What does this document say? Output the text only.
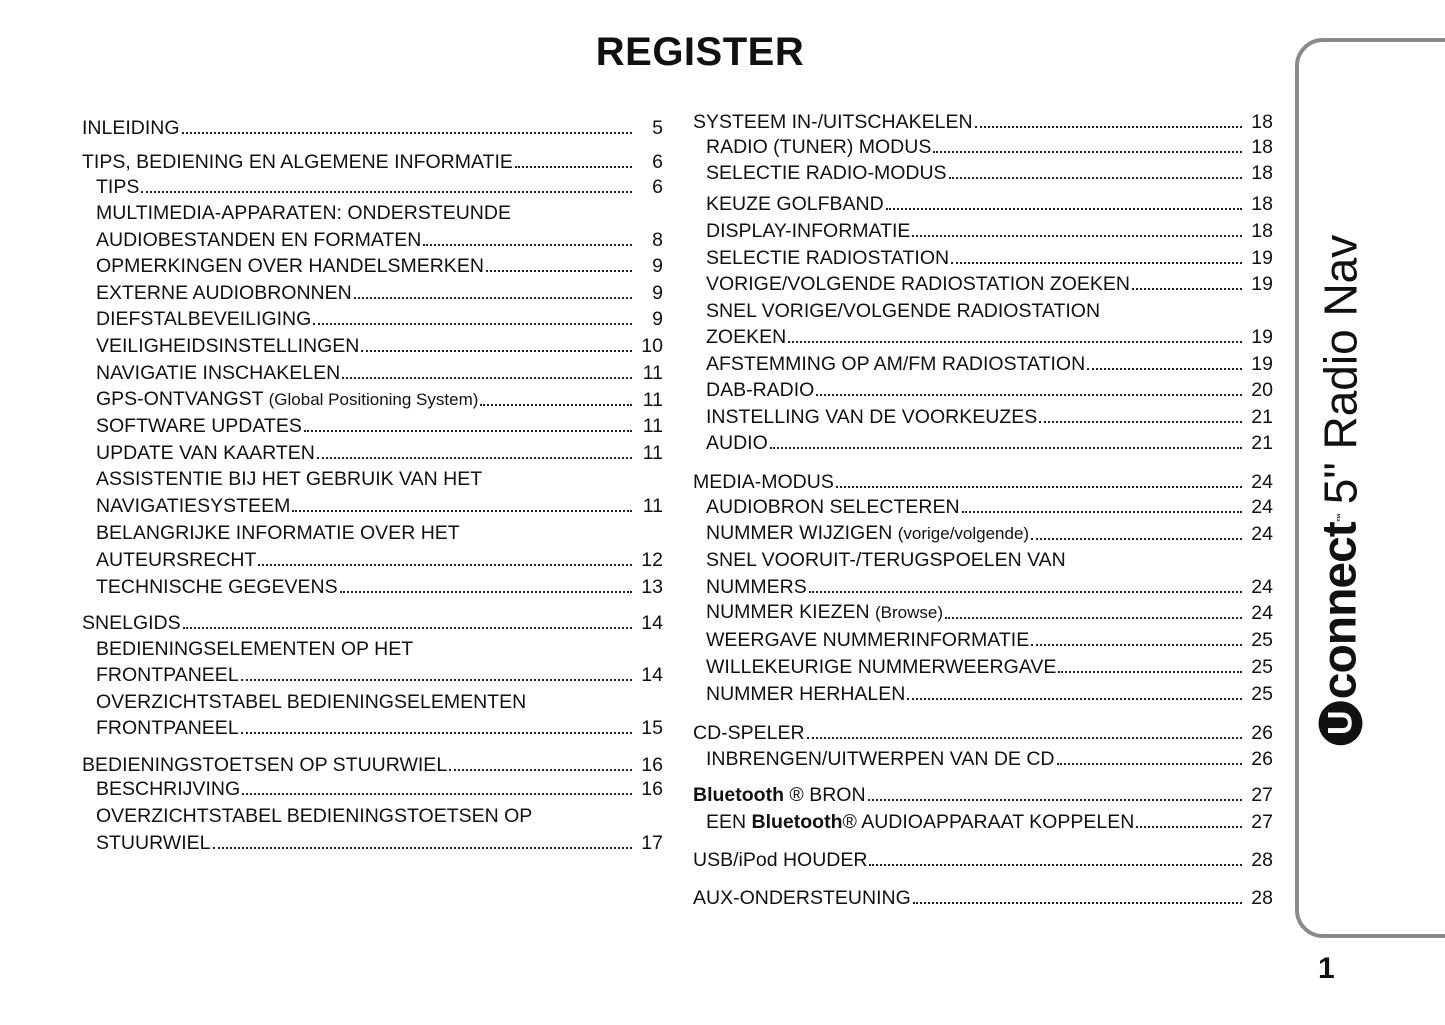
REGISTER
INLEIDING	5
TIPS, BEDIENING EN ALGEMENE INFORMATIE	6
TIPS	6
MULTIMEDIA-APPARATEN: ONDERSTEUNDE
AUDIOBESTANDEN EN FORMATEN	8
OPMERKINGEN OVER HANDELSMERKEN	9
EXTERNE AUDIOBRONNEN	9
DIEFSTALBEVEILIGING	9
VEILIGHEIDSINSTELLINGEN	10
NAVIGATIE INSCHAKELEN	11
GPS-ONTVANGST (Global Positioning System)	11
SOFTWARE UPDATES	11
UPDATE VAN KAARTEN	11
ASSISTENTIE BIJ HET GEBRUIK VAN HET
NAVIGATIESYSTEEM	11
BELANGRIJKE INFORMATIE OVER HET
AUTEURSRECHT	12
TECHNISCHE GEGEVENS	13
SNELGIDS	14
BEDIENINGSELEMENTEN OP HET
FRONTPANEEL	14
OVERZICHTSTABEL BEDIENINGSELEMENTEN
FRONTPANEEL	15
BEDIENINGSTOETSEN OP STUURWIEL	16
BESCHRIJVING	16
OVERZICHTSTABEL BEDIENINGSTOETSEN OP
STUURWIEL	17
SYSTEEM IN-/UITSCHAKELEN	18
RADIO (TUNER) MODUS	18
SELECTIE RADIO-MODUS	18
KEUZE GOLFBAND	18
DISPLAY-INFORMATIE	18
SELECTIE RADIOSTATION	19
VORIGE/VOLGENDE RADIOSTATION ZOEKEN	19
SNEL VORIGE/VOLGENDE RADIOSTATION
ZOEKEN	19
AFSTEMMING OP AM/FM RADIOSTATION	19
DAB-RADIO	20
INSTELLING VAN DE VOORKEUZES	21
AUDIO	21
MEDIA-MODUS	24
AUDIOBRON SELECTEREN	24
NUMMER WIJZIGEN (vorige/volgende)	24
SNEL VOORUIT-/TERUGSPOELEN VAN
NUMMERS	24
NUMMER KIEZEN (Browse)	24
WEERGAVE NUMMERINFORMATIE	25
WILLEKEURIGE NUMMERWEERGAVE	25
NUMMER HERHALEN	25
CD-SPELER	26
INBRENGEN/UITWERPEN VAN DE CD	26
Bluetooth ® BRON	27
EEN Bluetooth® AUDIOAPPARAAT KOPPELEN	27
USB/iPod HOUDER	28
AUX-ONDERSTEUNING	28
U
connect
™
5" Radio Nav
1
